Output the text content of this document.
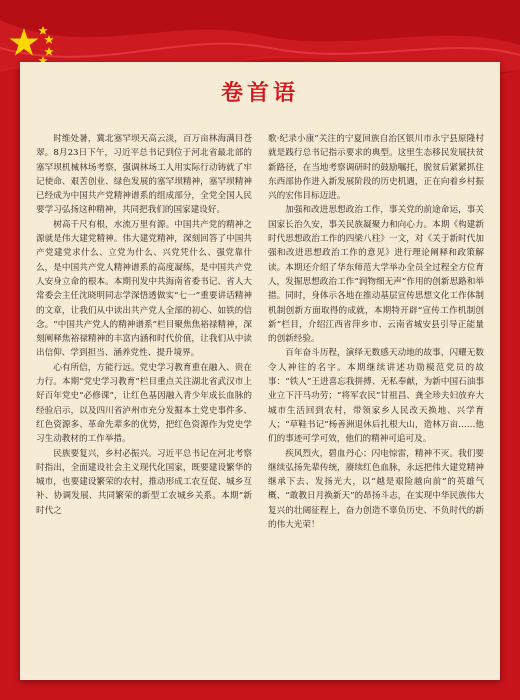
卷首语

时维处暑，冀北塞罕坝天高云淡，百万亩林海满目苍翠。8月23日下午，习近平总书记到位于河北省最北部的塞罕坝机械林场考察，强调林场工人用实际行动铸就了牢记使命、艰苦创业、绿色发展的塞罕坝精神，塞罕坝精神已经成为中国共产党精神谱系的组成部分，全党全国人民要学习弘扬这种精神，共同把我们的国家建设好。

树高千尺有根，水流万里有源。中国共产党的精神之源就是伟大建党精神。伟大建党精神，深刻回答了中国共产党建党求什么、立党为什么、兴党凭什么、强党靠什么，是中国共产党人精神谱系的高度凝练，是中国共产党人安身立命的根本。本期刊发中共海南省委书记、省人大常委会主任沈晓明同志学深悟透做实“七一”重要讲话精神的文章，让我们从中读出共产党人全部的初心、如铁的信念。“中国共产党人的精神谱系”栏目聚焦焦裕禄精神，深刻阐释焦裕禄精神的丰富内涵和时代价值，让我们从中读出信仰、学到担当、涵养党性、提升境界。

心有所信，方能行远。党史学习教育重在融入、贵在力行。本期“党史学习教育”栏目重点关注湖北省武汉市上好百年党史“必修课”，让红色基因融入青少年成长血脉的经验启示，以及四川省泸州市充分发掘本土党史事件多、红色资源多、革命先辈多的优势，把红色资源作为党史学习生动教材的工作举措。

民族要复兴，乡村必振兴。习近平总书记在河北考察时指出，全面建设社会主义现代化国家，既要建设繁华的城市，也要建设繁荣的农村，推动形成工农互促、城乡互补、协调发展、共同繁荣的新型工农城乡关系。本期“新时代之

歌·纪录小康”关注的宁夏回族自治区银川市永宁县原隆村就是践行总书记指示要求的典型。这里生态移民发展扶贫新路径，在当地考察调研时的鼓励嘱托，脱贫后紧紧抓住东西部协作进入新发展阶段的历史机遇，正在向着乡村振兴的宏伟目标迈进。

加强和改进思想政治工作，事关党的前途命运，事关国家长治久安，事关民族凝聚力和向心力。本期《构建新时代思想政治工作的四梁八柱》一文，对《关于新时代加强和改进思想政治工作的意见》进行理论阐释和政策解读。本期还介绍了华东师范大学举办全员全过程全方位育人，发掘思想政治工作“润物细无声”作用的创新思路和举措。同时，身体示各地在推动基层宣传思想文化工作体制机制创新方面取得的成就，本期特开辟“宣传工作机制创新”栏目，介绍江西省萍乡市、云南省城安县引导正能量的创新经验。

百年奋斗历程，演绎无数感天动地的故事，闪耀无数令人神往的名字。本期继续讲述功勋模范党员的故事：“铁人”王进喜忘我拼搏、无私奉献，为新中国石油事业立下汗马功劳；“将军农民”甘祖昌、龚全珍夫妇放弃大城市生活回到农村，带领家乡人民改天换地、兴学育人；“草鞋书记”杨善洲退休后扎根大山，造林万亩……他们的事迹可学可效，他们的精神可追可及。

疾风烈火，碧血丹心；闪电惊雷，精神不灭。我们要继续弘扬先辈传统，赓续红色血脉，永远把伟大建党精神继承下去、发扬光大，以“越是艰险越向前”的英雄气概、“敢教日月换新天”的昂扬斗志，在实现中华民族伟大复兴的壮阔征程上，奋力创造不辜负历史、不负时代的新的伟大光荣！
